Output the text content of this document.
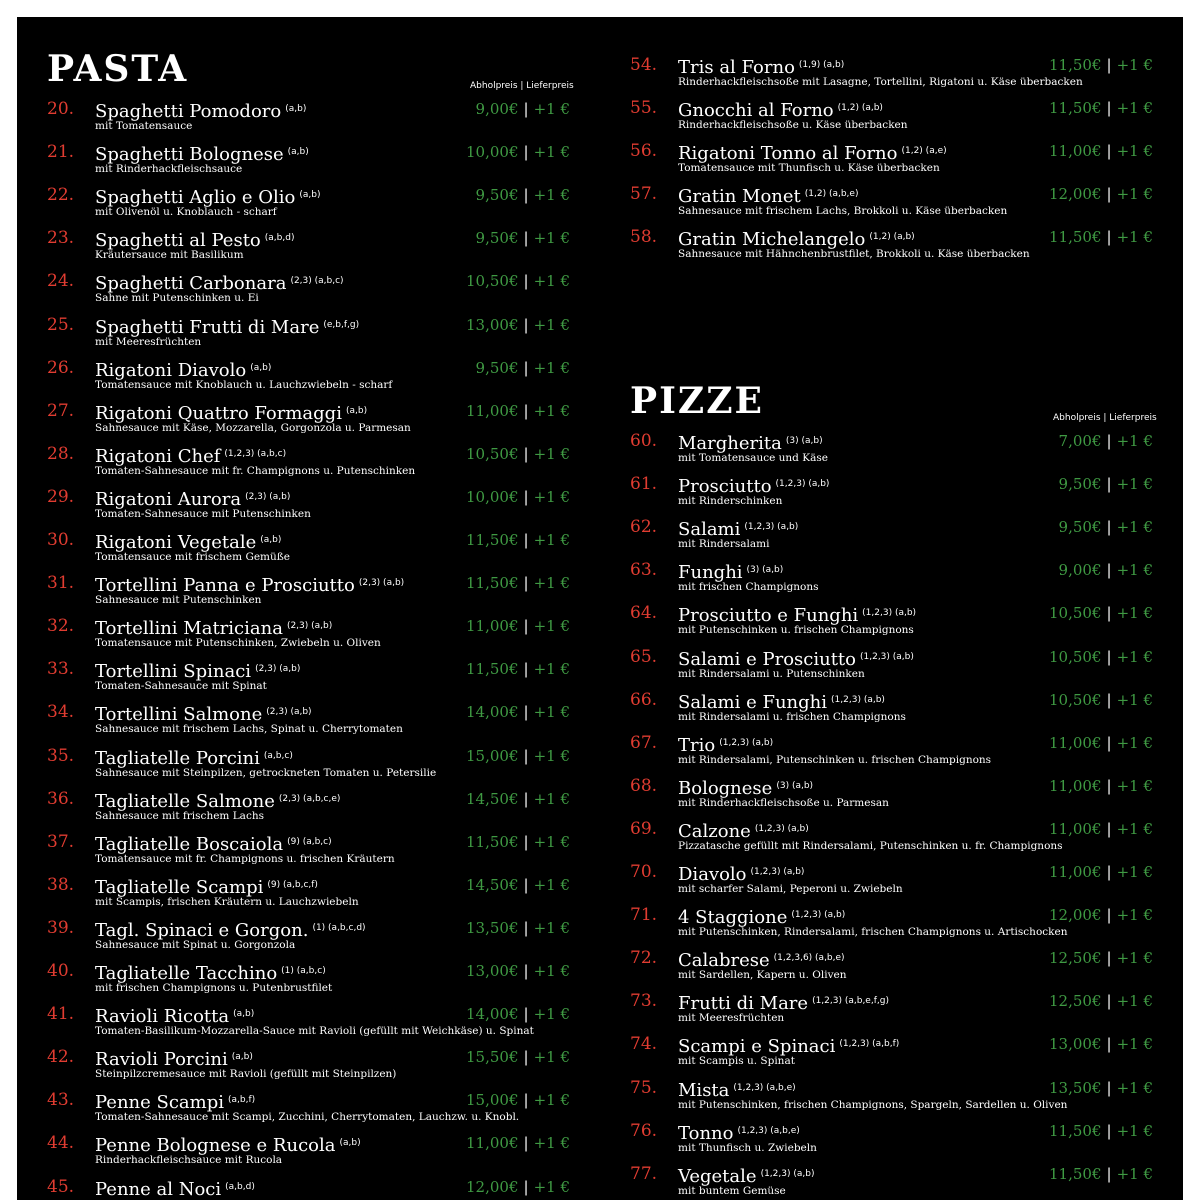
PASTA	Abholpreis | Lieferpreis
20. Spaghetti Pomodoro $^{(a,b)}$
mit Tomatensauce
9,00€ | +1 €
21. Spaghetti Bolognese $^{(a,b)}$
mit Rinderhackfleischsauce
10,00€ | +1 €
22. Spaghetti Aglio e Olio $^{(a,b)}$
mit Olivenöl u. Knoblauch - scharf
9,50€ | +1 €
23. Spaghetti al Pesto $^{(a,b,d)}$
Kräutersauce mit Basilikum
9,50€ | +1 €
24. Spaghetti Carbonara $^{(2,3) (a,b,c)}$
Sahne mit Putenschinken u. Ei
10,50€ | +1 €
25. Spaghetti Frutti di Mare $^{(e,b,f,g)}$
mit Meeresfrüchten
13,00€ | +1 €
26. Rigatoni Diavolo $^{(a,b)}$
Tomatensauce mit Knoblauch u. Lauchzwiebeln - scharf
9,50€ | +1 €
27. Rigatoni Quattro Formaggi $^{(a,b)}$
Sahnesauce mit Käse, Mozzarella, Gorgonzola u. Parmesan
11,00€ | +1 €
28. Rigatoni Chef $^{(1,2,3) (a,b,c)}$
Tomaten-Sahnesauce mit fr. Champignons u. Putenschinken
10,50€ | +1 €
29. Rigatoni Aurora $^{(2,3) (a,b)}$
Tomaten-Sahnesauce mit Putenschinken
10,00€ | +1 €
30. Rigatoni Vegetale $^{(a,b)}$
Tomatensauce mit frischem Gemüße
11,50€ | +1 €
31. Tortellini Panna e Prosciutto $^{(2,3) (a,b)}$
Sahnesauce mit Putenschinken
11,50€ | +1 €
32. Tortellini Matriciana $^{(2,3) (a,b)}$
Tomatensauce mit Putenschinken, Zwiebeln u. Oliven
11,00€ | +1 €
33. Tortellini Spinaci $^{(2,3) (a,b)}$
Tomaten-Sahnesauce mit Spinat
11,50€ | +1 €
34. Tortellini Salmone $^{(2,3) (a,b)}$
Sahnesauce mit frischem Lachs, Spinat u. Cherrytomaten
14,00€ | +1 €
35. Tagliatelle Porcini $^{(a,b,c)}$
Sahnesauce mit Steinpilzen, getrockneten Tomaten u. Petersilie
15,00€ | +1 €
36. Tagliatelle Salmone $^{(2,3) (a,b,c,e)}$
Sahnesauce mit frischem Lachs
14,50€ | +1 €
37. Tagliatelle Boscaiola $^{(9) (a,b,c)}$
Tomatensauce mit fr. Champignons u. frischen Kräutern
11,50€ | +1 €
38. Tagliatelle Scampi $^{(9) (a,b,c,f)}$
mit Scampis, frischen Kräutern u. Lauchzwiebeln
14,50€ | +1 €
39. Tagl. Spinaci e Gorgon. $^{(1) (a,b,c,d)}$
Sahnesauce mit Spinat u. Gorgonzola
13,50€ | +1 €
40. Tagliatelle Tacchino $^{(1) (a,b,c)}$
mit frischen Champignons u. Putenbrustfilet
13,00€ | +1 €
41. Ravioli Ricotta $^{(a,b)}$
Tomaten-Basilikum-Mozzarella-Sauce mit Ravioli (gefüllt mit Weichkäse) u. Spinat
14,00€ | +1 €
42. Ravioli Porcini $^{(a,b)}$
Steinpilzcremesauce mit Ravioli (gefüllt mit Steinpilzen)
15,50€ | +1 €
43. Penne Scampi $^{(a,b,f)}$
Tomaten-Sahnesauce mit Scampi, Zucchini, Cherrytomaten, Lauchzw. u. Knobl.
15,00€ | +1 €
44. Penne Bolognese e Rucola $^{(a,b)}$
Rinderhackfleischsauce mit Rucola
11,00€ | +1 €
45. Penne al Noci $^{(a,b,d)}$	12,00€ | +1 €
54. Tris al Forno $^{(1,9) (a,b)}$
Rinderhackfleischsoße mit Lasagne, Tortellini, Rigatoni u. Käse überbacken
11,50€ | +1 €
55. Gnocchi al Forno $^{(1,2) (a,b)}$
Rinderhackfleischsoße u. Käse überbacken
11,50€ | +1 €
56. Rigatoni Tonno al Forno $^{(1,2) (a,e)}$
Tomatensauce mit Thunfisch u. Käse überbacken
11,00€ | +1 €
57. Gratin Monet $^{(1,2) (a,b,e)}$
Sahnesauce mit frischem Lachs, Brokkoli u. Käse überbacken
12,00€ | +1 €
58. Gratin Michelangelo $^{(1,2) (a,b)}$
Sahnesauce mit Hähnchenbrustfilet, Brokkoli u. Käse überbacken
11,50€ | +1 €
PIZZE	Abholpreis | Lieferpreis
60. Margherita $^{(3) (a,b)}$
mit Tomatensauce und Käse
7,00€ | +1 €
61. Prosciutto $^{(1,2,3) (a,b)}$
mit Rinderschinken
9,50€ | +1 €
62. Salami $^{(1,2,3) (a,b)}$
mit Rindersalami
9,50€ | +1 €
63. Funghi $^{(3) (a,b)}$
mit frischen Champignons
9,00€ | +1 €
64. Prosciutto e Funghi $^{(1,2,3) (a,b)}$
mit Putenschinken u. frischen Champignons
10,50€ | +1 €
65. Salami e Prosciutto $^{(1,2,3) (a,b)}$
mit Rindersalami u. Putenschinken
10,50€ | +1 €
66. Salami e Funghi $^{(1,2,3) (a,b)}$
mit Rindersalami u. frischen Champignons
10,50€ | +1 €
67. Trio $^{(1,2,3) (a,b)}$
mit Rindersalami, Putenschinken u. frischen Champignons
11,00€ | +1 €
68. Bolognese $^{(3) (a,b)}$
mit Rinderhackfleischsoße u. Parmesan
11,00€ | +1 €
69. Calzone $^{(1,2,3) (a,b)}$
Pizzatasche gefüllt mit Rindersalami, Putenschinken u. fr. Champignons
11,00€ | +1 €
70. Diavolo $^{(1,2,3) (a,b)}$
mit scharfer Salami, Peperoni u. Zwiebeln
11,00€ | +1 €
71. 4 Staggione $^{(1,2,3) (a,b)}$
mit Putenschinken, Rindersalami, frischen Champignons u. Artischocken
12,00€ | +1 €
72. Calabrese $^{(1,2,3,6) (a,b,e)}$
mit Sardellen, Kapern u. Oliven
12,50€ | +1 €
73. Frutti di Mare $^{(1,2,3) (a,b,e,f,g)}$
mit Meeresfrüchten
12,50€ | +1 €
74. Scampi e Spinaci $^{(1,2,3) (a,b,f)}$
mit Scampis u. Spinat
13,00€ | +1 €
75. Mista $^{(1,2,3) (a,b,e)}$
mit Putenschinken, frischen Champignons, Spargeln, Sardellen u. Oliven
13,50€ | +1 €
76. Tonno $^{(1,2,3) (a,b,e)}$
mit Thunfisch u. Zwiebeln
11,50€ | +1 €
77. Vegetale $^{(1,2,3) (a,b)}$
mit buntem Gemüse
11,50€ | +1 €
